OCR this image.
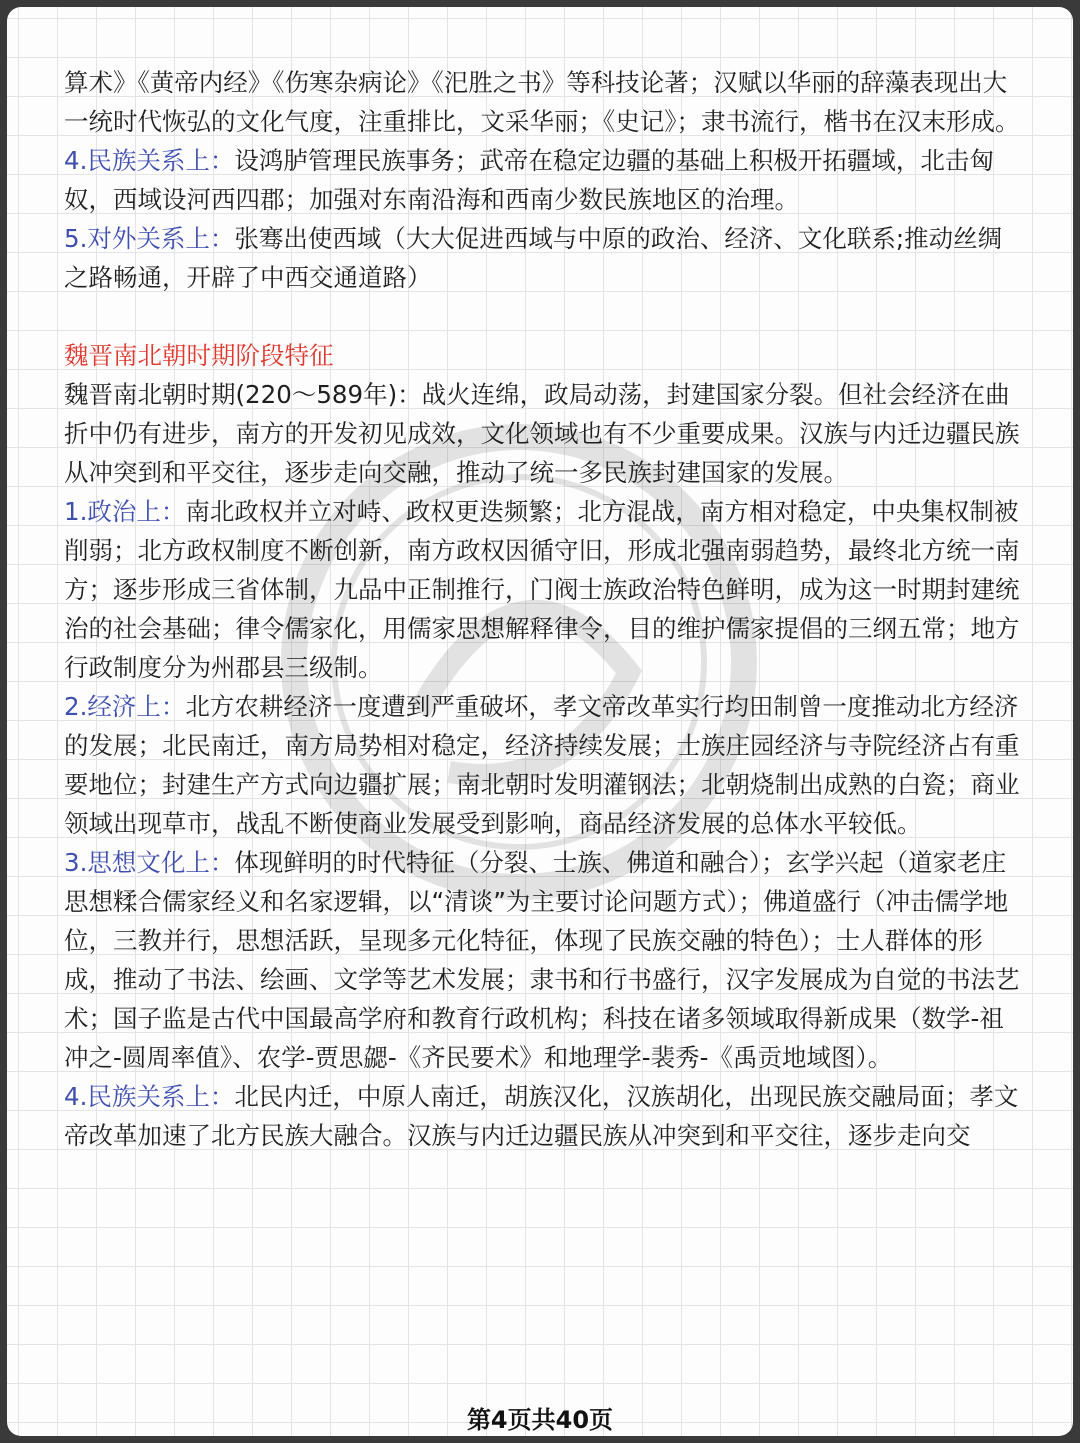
算术》《黄帝内经》《伤寒杂病论》《汜胜之书》等科技论著；汉赋以华丽的辞藻表现出大一统时代恢弘的文化气度，注重排比，文采华丽；《史记》；隶书流行，楷书在汉末形成。

4.民族关系上：设鸿胪管理民族事务；武帝在稳定边疆的基础上积极开拓疆域，北击匈奴，西域设河西四郡；加强对东南沿海和西南少数民族地区的治理。

5.对外关系上：张骞出使西域（大大促进西域与中原的政治、经济、文化联系;推动丝绸之路畅通，开辟了中西交通道路）

魏晋南北朝时期阶段特征

魏晋南北朝时期(220～589年)：战火连绵，政局动荡，封建国家分裂。但社会经济在曲折中仍有进步，南方的开发初见成效，文化领域也有不少重要成果。汉族与内迁边疆民族从冲突到和平交往，逐步走向交融，推动了统一多民族封建国家的发展。

1.政治上：南北政权并立对峙、政权更迭频繁；北方混战，南方相对稳定，中央集权制被削弱；北方政权制度不断创新，南方政权因循守旧，形成北强南弱趋势，最终北方统一南方；逐步形成三省体制，九品中正制推行，门阀士族政治特色鲜明，成为这一时期封建统治的社会基础；律令儒家化，用儒家思想解释律令，目的维护儒家提倡的三纲五常；地方行政制度分为州郡县三级制。

2.经济上：北方农耕经济一度遭到严重破坏，孝文帝改革实行均田制曾一度推动北方经济的发展；北民南迁，南方局势相对稳定，经济持续发展；士族庄园经济与寺院经济占有重要地位；封建生产方式向边疆扩展；南北朝时发明灌钢法；北朝烧制出成熟的白瓷；商业领域出现草市，战乱不断使商业发展受到影响，商品经济发展的总体水平较低。

3.思想文化上：体现鲜明的时代特征（分裂、士族、佛道和融合）；玄学兴起（道家老庄思想糅合儒家经义和名家逻辑，以“清谈”为主要讨论问题方式）；佛道盛行（冲击儒学地位，三教并行，思想活跃，呈现多元化特征，体现了民族交融的特色）；士人群体的形成，推动了书法、绘画、文学等艺术发展；隶书和行书盛行，汉字发展成为自觉的书法艺术；国子监是古代中国最高学府和教育行政机构；科技在诸多领域取得新成果（数学-祖冲之-圆周率值》、农学-贾思勰-《齐民要术》和地理学-裴秀-《禹贡地域图）。

4.民族关系上：北民内迁，中原人南迁，胡族汉化，汉族胡化，出现民族交融局面；孝文帝改革加速了北方民族大融合。汉族与内迁边疆民族从冲突到和平交往，逐步走向交

第4页共40页
